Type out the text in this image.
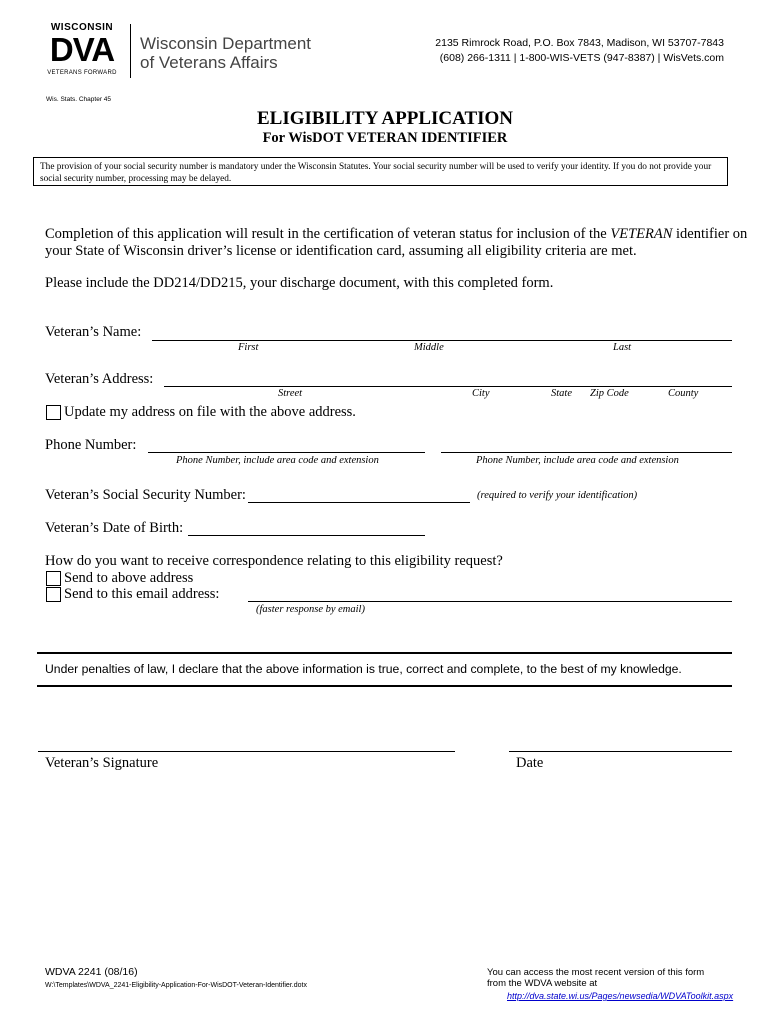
WISCONSIN
DVA
VETERANS FORWARD
Wisconsin Department
of Veterans Affairs
2135 Rimrock Road, P.O. Box 7843, Madison, WI 53707-7843
(608) 266-1311 | 1-800-WIS-VETS (947-8387) | WisVets.com
Wis. Stats. Chapter 45
ELIGIBILITY APPLICATION
For WisDOT VETERAN IDENTIFIER
The provision of your social security number is mandatory under the Wisconsin Statutes. Your social security number will be used to verify your identity. If you do not provide your social security number, processing may be delayed.
Completion of this application will result in the certification of veteran status for inclusion of the VETERAN identifier on
your State of Wisconsin driver’s license or identification card, assuming all eligibility criteria are met.
Please include the DD214/DD215, your discharge document, with this completed form.
Veteran’s Name:
First	Middle	Last
Veteran’s Address:
Street	City	State Zip Code	County
Update my address on file with the above address.
Phone Number:
Phone Number, include area code and extension	Phone Number, include area code and extension
Veteran’s Social Security Number:	(required to verify your identification)
Veteran’s Date of Birth:
How do you want to receive correspondence relating to this eligibility request?
Send to above address
Send to this email address:
(faster response by email)
Under penalties of law, I declare that the above information is true, correct and complete, to the best of my knowledge.
Veteran’s Signature	Date
WDVA 2241 (08/16)
W:\Templates\WDVA_2241-Eligibility-Application-For-WisDOT-Veteran-Identifier.dotx
You can access the most recent version of this form
from the WDVA website at
http://dva.state.wi.us/Pages/newsedia/WDVAToolkit.aspx
